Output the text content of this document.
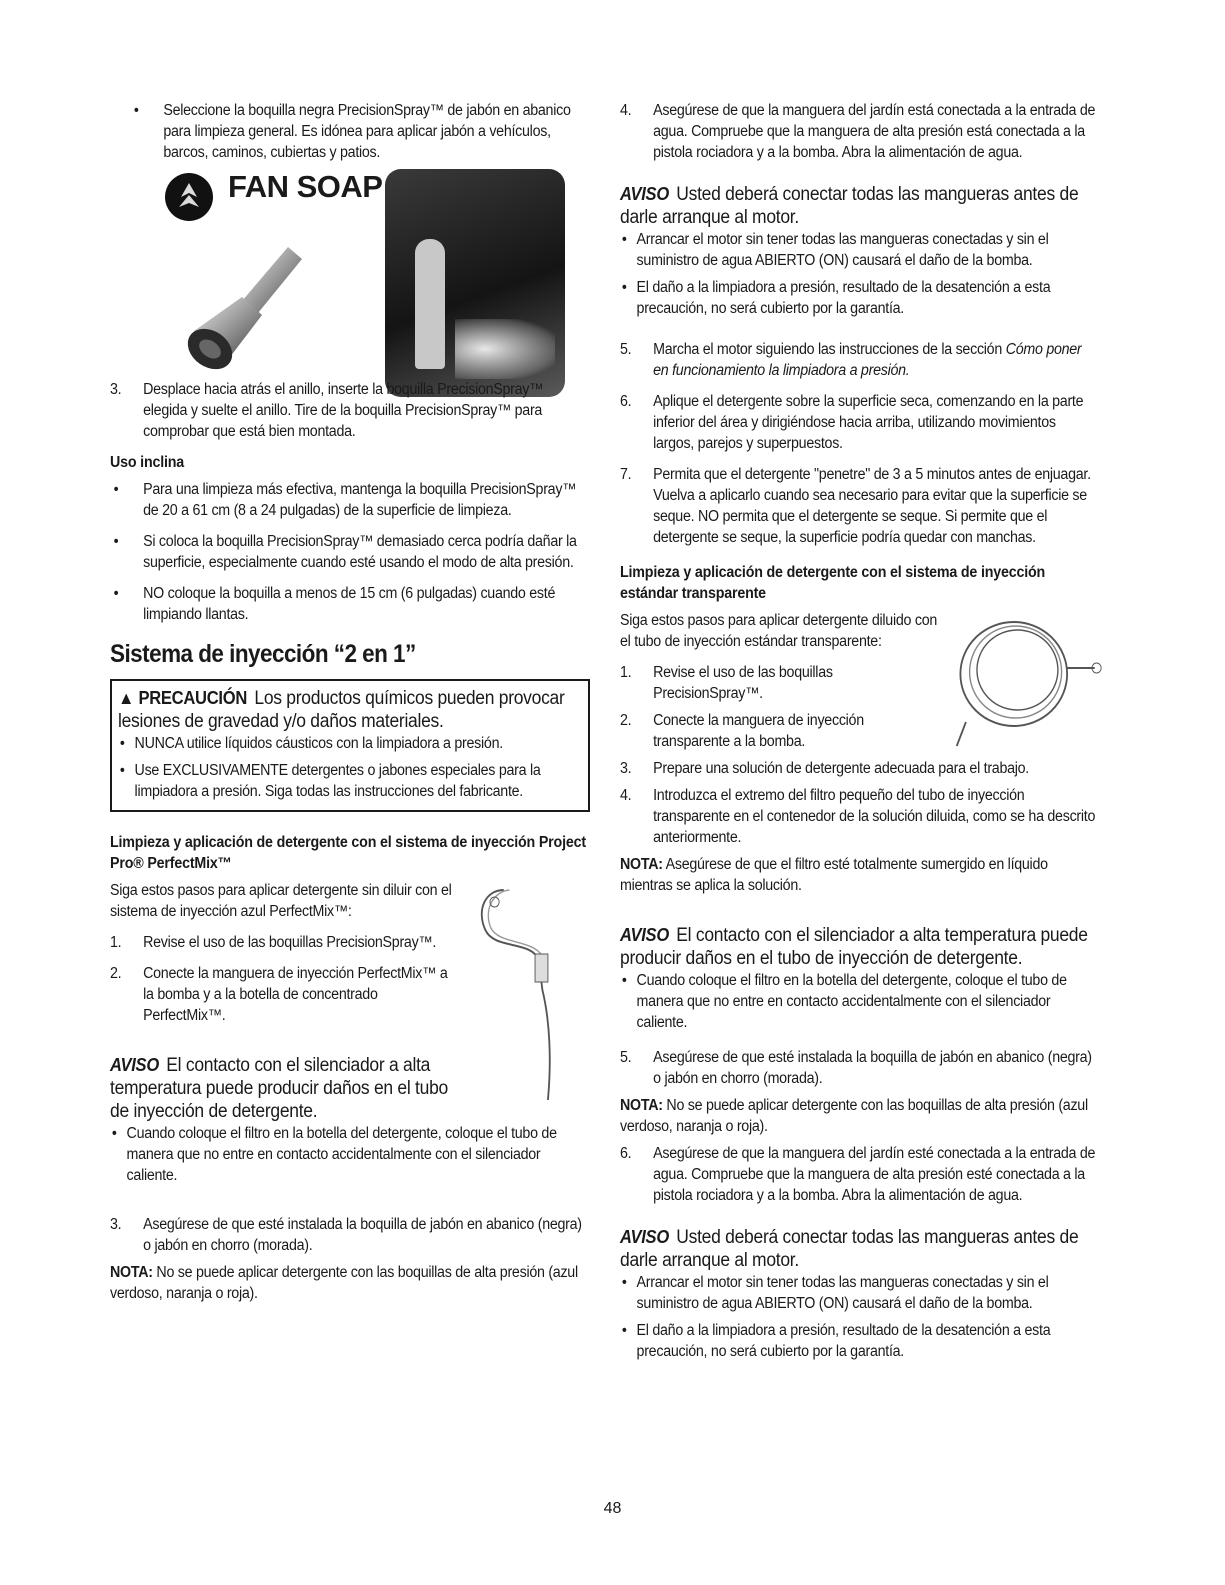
• Seleccione la boquilla negra PrecisionSpray™ de jabón en abanico para limpieza general. Es idónea para aplicar jabón a vehículos, barcos, caminos, cubiertas y patios.

FAN SOAP

3. Desplace hacia atrás el anillo, inserte la boquilla PrecisionSpray™ elegida y suelte el anillo. Tire de la boquilla PrecisionSpray™ para comprobar que está bien montada.

Uso inclina

• Para una limpieza más efectiva, mantenga la boquilla PrecisionSpray™ de 20 a 61 cm (8 a 24 pulgadas) de la superficie de limpieza.

• Si coloca la boquilla PrecisionSpray™ demasiado cerca podría dañar la superficie, especialmente cuando esté usando el modo de alta presión.

• NO coloque la boquilla a menos de 15 cm (6 pulgadas) cuando esté limpiando llantas.

Sistema de inyección “2 en 1”
▲ PRECAUCIÓN Los productos químicos pueden provocar lesiones de gravedad y/o daños materiales.

• NUNCA utilice líquidos cáusticos con la limpiadora a presión.

• Use EXCLUSIVAMENTE detergentes o jabones especiales para la limpiadora a presión. Siga todas las instrucciones del fabricante.

Limpieza y aplicación de detergente con el sistema de inyección Project Pro® PerfectMix™

Siga estos pasos para aplicar detergente sin diluir con el sistema de inyección azul PerfectMix™:

1. Revise el uso de las boquillas PrecisionSpray™.

2. Conecte la manguera de inyección PerfectMix™ a la bomba y a la botella de concentrado PerfectMix™.

AVISO El contacto con el silenciador a alta temperatura puede producir daños en el tubo de inyección de detergente.

• Cuando coloque el filtro en la botella del detergente, coloque el tubo de manera que no entre en contacto accidentalmente con el silenciador caliente.

3. Asegúrese de que esté instalada la boquilla de jabón en abanico (negra) o jabón en chorro (morada).

NOTA: No se puede aplicar detergente con las boquillas de alta presión (azul verdoso, naranja o roja).

4. Asegúrese de que la manguera del jardín está conectada a la entrada de agua. Compruebe que la manguera de alta presión está conectada a la pistola rociadora y a la bomba. Abra la alimentación de agua.

AVISO Usted deberá conectar todas las mangueras antes de darle arranque al motor.

• Arrancar el motor sin tener todas las mangueras conectadas y sin el suministro de agua ABIERTO (ON) causará el daño de la bomba.

• El daño a la limpiadora a presión, resultado de la desatención a esta precaución, no será cubierto por la garantía.

5. Marcha el motor siguiendo las instrucciones de la sección Cómo poner en funcionamiento la limpiadora a presión.

6. Aplique el detergente sobre la superficie seca, comenzando en la parte inferior del área y dirigiéndose hacia arriba, utilizando movimientos largos, parejos y superpuestos.

7. Permita que el detergente "penetre" de 3 a 5 minutos antes de enjuagar. Vuelva a aplicarlo cuando sea necesario para evitar que la superficie se seque. NO permita que el detergente se seque. Si permite que el detergente se seque, la superficie podría quedar con manchas.

Limpieza y aplicación de detergente con el sistema de inyección estándar transparente

Siga estos pasos para aplicar detergente diluido con el tubo de inyección estándar transparente:

1. Revise el uso de las boquillas PrecisionSpray™.

2. Conecte la manguera de inyección transparente a la bomba.

3. Prepare una solución de detergente adecuada para el trabajo.

4. Introduzca el extremo del filtro pequeño del tubo de inyección transparente en el contenedor de la solución diluida, como se ha descrito anteriormente.

NOTA: Asegúrese de que el filtro esté totalmente sumergido en líquido mientras se aplica la solución.

AVISO El contacto con el silenciador a alta temperatura puede producir daños en el tubo de inyección de detergente.

• Cuando coloque el filtro en la botella del detergente, coloque el tubo de manera que no entre en contacto accidentalmente con el silenciador caliente.

5. Asegúrese de que esté instalada la boquilla de jabón en abanico (negra) o jabón en chorro (morada).

NOTA: No se puede aplicar detergente con las boquillas de alta presión (azul verdoso, naranja o roja).

6. Asegúrese de que la manguera del jardín esté conectada a la entrada de agua. Compruebe que la manguera de alta presión esté conectada a la pistola rociadora y a la bomba. Abra la alimentación de agua.

AVISO Usted deberá conectar todas las mangueras antes de darle arranque al motor.

• Arrancar el motor sin tener todas las mangueras conectadas y sin el suministro de agua ABIERTO (ON) causará el daño de la bomba.

• El daño a la limpiadora a presión, resultado de la desatención a esta precaución, no será cubierto por la garantía.

48
